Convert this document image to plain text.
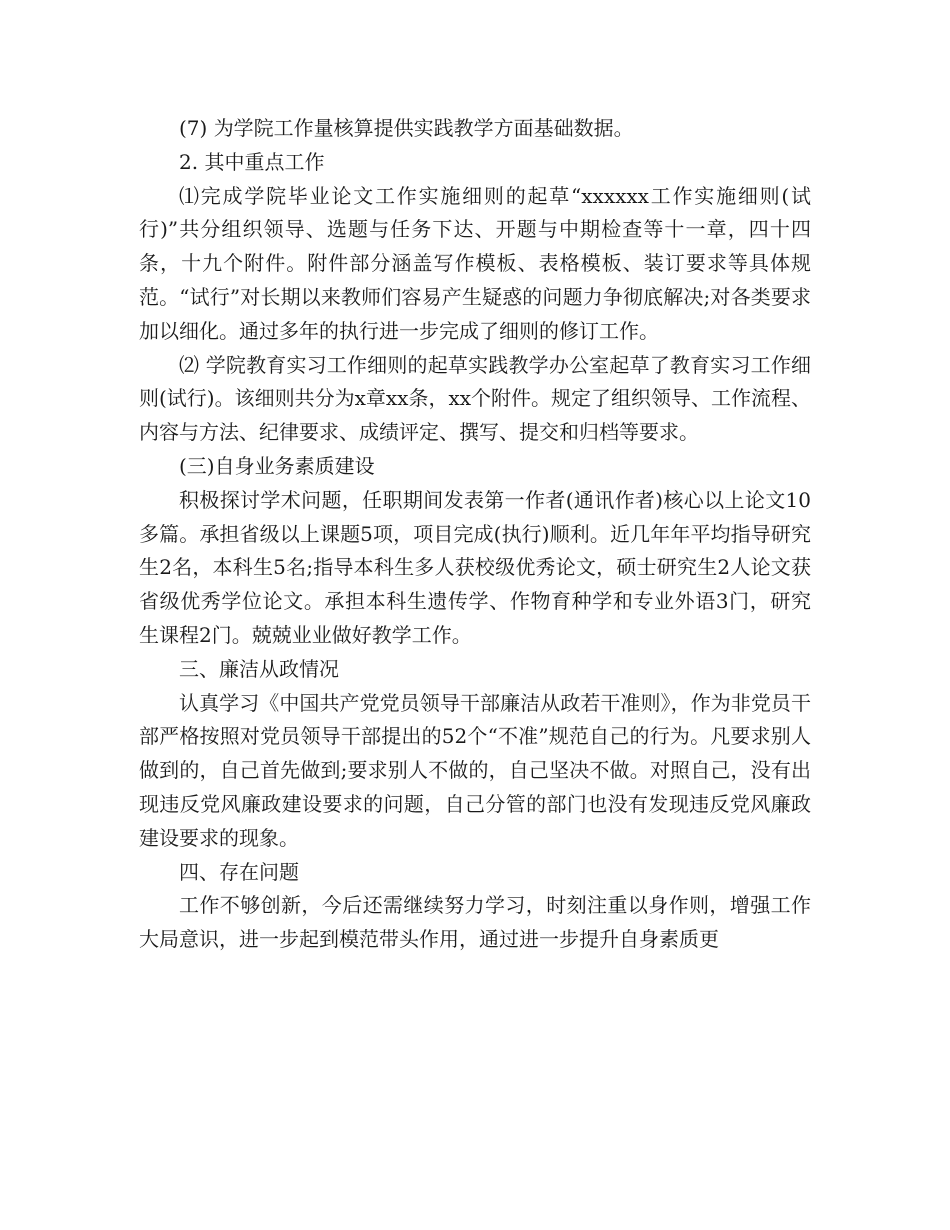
(7) 为学院工作量核算提供实践教学方面基础数据。

2. 其中重点工作

⑴完成学院毕业论文工作实施细则的起草“xxxxxx工作实施细则(试行)”共分组织领导、选题与任务下达、开题与中期检查等十一章，四十四条，十九个附件。附件部分涵盖写作模板、表格模板、装订要求等具体规范。“试行”对长期以来教师们容易产生疑惑的问题力争彻底解决;对各类要求加以细化。通过多年的执行进一步完成了细则的修订工作。

⑵ 学院教育实习工作细则的起草实践教学办公室起草了教育实习工作细则(试行)。该细则共分为x章xx条，xx个附件。规定了组织领导、工作流程、内容与方法、纪律要求、成绩评定、撰写、提交和归档等要求。

(三)自身业务素质建设

积极探讨学术问题，任职期间发表第一作者(通讯作者)核心以上论文10多篇。承担省级以上课题5项，项目完成(执行)顺利。近几年年平均指导研究生2名，本科生5名;指导本科生多人获校级优秀论文，硕士研究生2人论文获省级优秀学位论文。承担本科生遗传学、作物育种学和专业外语3门，研究生课程2门。兢兢业业做好教学工作。

三、廉洁从政情况

认真学习《中国共产党党员领导干部廉洁从政若干准则》，作为非党员干部严格按照对党员领导干部提出的52个“不准”规范自己的行为。凡要求别人做到的，自己首先做到;要求别人不做的，自己坚决不做。对照自己，没有出现违反党风廉政建设要求的问题，自己分管的部门也没有发现违反党风廉政建设要求的现象。

四、存在问题

工作不够创新，今后还需继续努力学习，时刻注重以身作则，增强工作大局意识，进一步起到模范带头作用，通过进一步提升自身素质更
